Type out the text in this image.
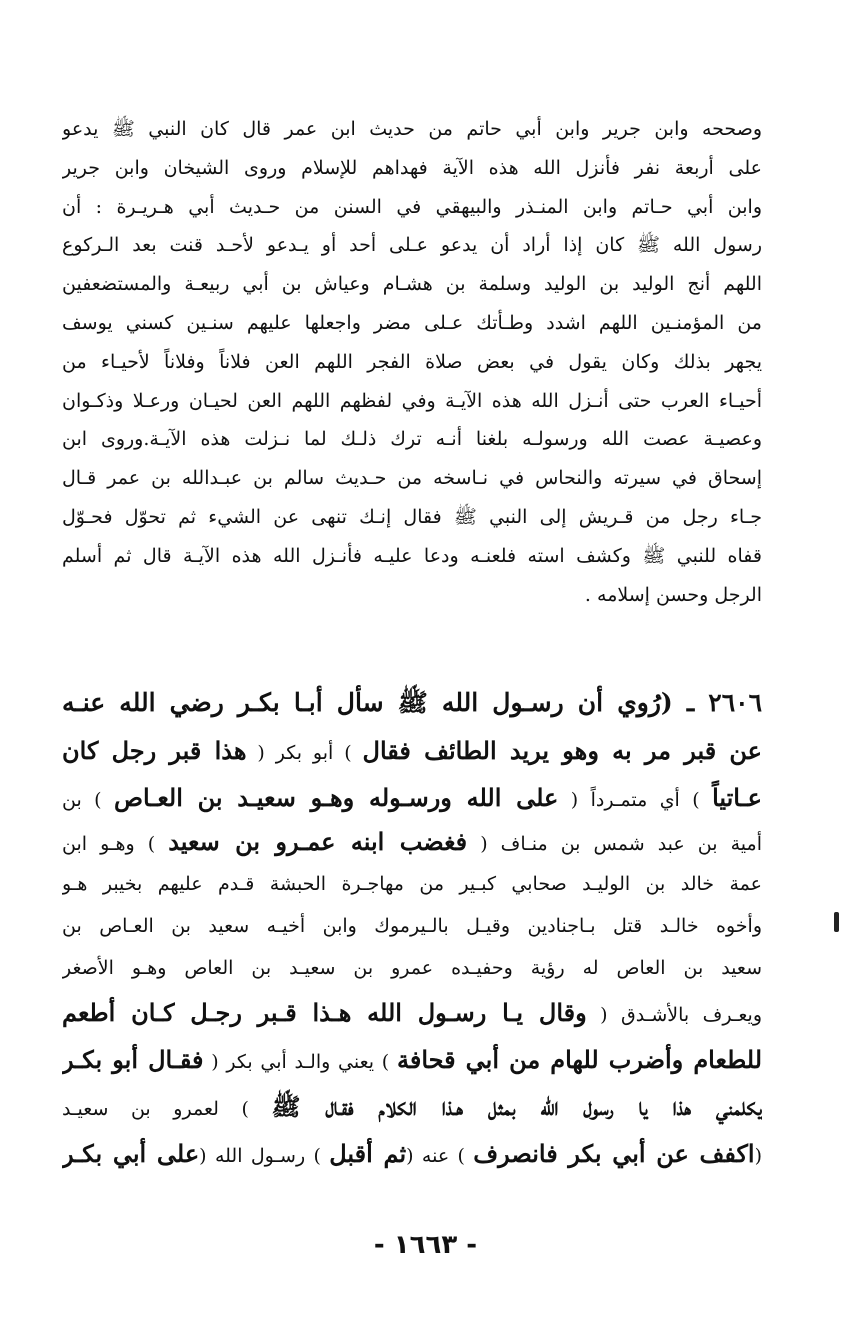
وصححه وابن جرير وابن أبي حاتم من حديث ابن عمر قال كان النبي ﷺ يدعو
على أربعة نفر فأنزل الله هذه الآية فهداهم للإسلام وروى الشيخان وابن جرير
وابن أبي حـاتم وابن المنـذر والبيهقي في السنن من حـديث أبي هـريـرة : أن
رسول الله ﷺ كان إذا أراد أن يدعو عـلى أحد أو يـدعو لأحـد قنت بعد الـركوع
اللهم أنج الوليد بن الوليد وسلمة بن هشـام وعياش بن أبي ربيعـة والمستضعفين
من المؤمنـين اللهم اشدد وطـأتك عـلى مضر واجعلها عليهم سنـين كسني يوسف
يجهر بذلك وكان يقول في بعض صلاة الفجر اللهم العن فلاناً وفلاناً لأحيـاء من
أحيـاء العرب حتى أنـزل الله هذه الآيـة وفي لفظهم اللهم العن لحيـان ورعـلا وذكـوان
وعصيـة عصت الله ورسولـه بلغنا أنـه ترك ذلـك لما نـزلت هذه الآيـة.وروى ابن
إسحاق في سيرته والنحاس في نـاسخه من حـديث سالم بن عبـدالله بن عمر قـال
جـاء رجل من قـريش إلى النبي ﷺ فقال إنـك تنهى عن الشيء ثم تحوّل فحـوّل
قفاه للنبي ﷺ وكشف استه فلعنـه ودعا عليـه فأنـزل الله هذه الآيـة قال ثم أسلم
الرجل وحسن إسلامه .
٢٦٠٦ ـ (رُوي أن رسـول الله ﷺ سأل أبـا بكـر رضي الله عنـه
عن قبر مر به وهو يريد الطائف فقال ) أبو بكر ( هذا قبر رجل كان
عـاتياً ) أي متمـرداً ( على الله ورسـوله وهـو سعيـد بن العـاص ) بن
أمية بن عبد شمس بن منـاف ( فغضب ابنه عمـرو بن سعيد ) وهـو ابن
عمة خالد بن الوليـد صحابي كبـير من مهاجـرة الحبشة قـدم عليهم بخيبر هـو
وأخوه خالـد قتل بـاجنادين وقيـل بالـيرموك وابن أخيـه سعيد بن العـاص بن
سعيد بن العاص له رؤية وحفيـده عمرو بن سعيـد بن العاص وهـو الأصغر
ويعـرف بالأشـدق ( وقال يـا رسـول الله هـذا قـبر رجـل كـان أطعم
للطعام وأضرب للهام من أبي قحافة ) يعني والـد أبي بكر ( فقـال أبو بكـر
يكلمني هذا يا رسول الله بمثل هـذا الكلام فقـال ﷺ ) لعمرو بن سعيـد
(اكفف عن أبي بكر فانصرف ) عنه (ثم أقبل ) رسـول الله (على أبي بكـر
- ١٦٦٣ -
